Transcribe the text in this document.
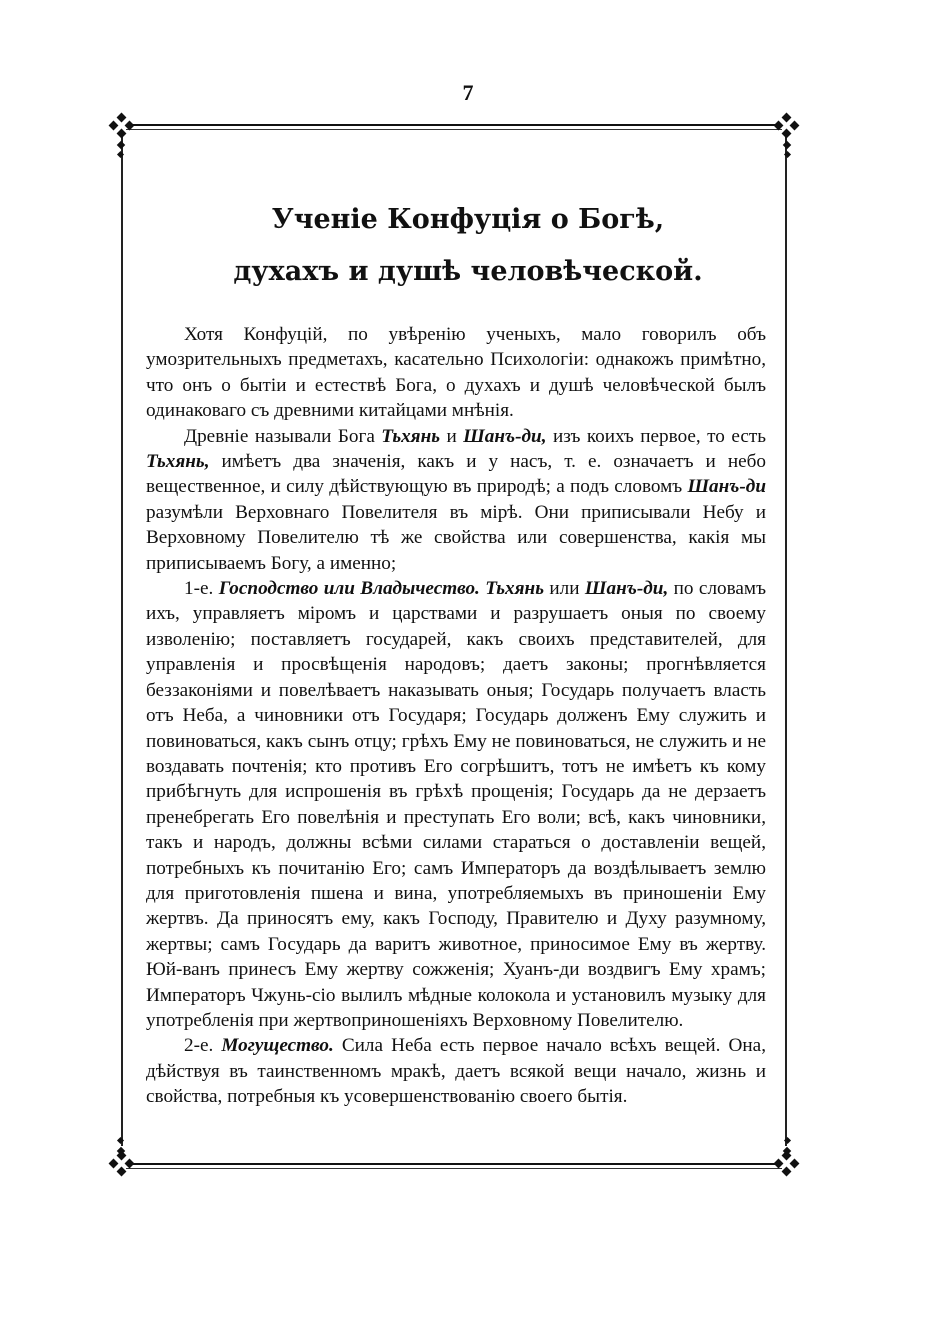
7
Ученіе Конфуція о Богѣ,
духахъ и душѣ человѣческой.

Хотя Конфуцій, по увѣренію ученыхъ, мало говорилъ объ умозрительныхъ предметахъ, касательно Психологіи: однакожъ примѣтно, что онъ о бытіи и естествѣ Бога, о духахъ и душѣ человѣческой былъ одинаковаго съ древними китайцами мнѣнія.

Древніе называли Бога Тьхянь и Шанъ-ди, изъ коихъ первое, то есть Тьхянь, имѣетъ два значенія, какъ и у насъ, т. е. означаетъ и небо вещественное, и силу дѣйствующую въ природѣ; а подъ словомъ Шанъ-ди разумѣли Верховнаго Повелителя въ мірѣ. Они приписывали Небу и Верховному Повелителю тѣ же свойства или совершенства, какія мы приписываемъ Богу, а именно;

1-е. Господство или Владычество. Тьхянь или Шанъ-ди, по словамъ ихъ, управляетъ міромъ и царствами и разрушаетъ оныя по своему изволенію; поставляетъ государей, какъ своихъ представителей, для управленія и просвѣщенія народовъ; даетъ законы; прогнѣвляется беззаконіями и повелѣваетъ наказывать оныя; Государь получаетъ власть отъ Неба, а чиновники отъ Государя; Государь долженъ Ему служить и повиноваться, какъ сынъ отцу; грѣхъ Ему не повиноваться, не служить и не воздавать почтенія; кто противъ Его согрѣшитъ, тотъ не имѣетъ къ кому прибѣгнуть для испрошенія въ грѣхѣ прощенія; Государь да не дерзаетъ пренебрегать Его повелѣнія и преступать Его воли; всѣ, какъ чиновники, такъ и народъ, должны всѣми силами стараться о доставленіи вещей, потребныхъ къ почитанію Его; самъ Императоръ да воздѣлываетъ землю для приготовленія пшена и вина, употребляемыхъ въ приношеніи Ему жертвъ. Да приносятъ ему, какъ Господу, Правителю и Духу разумному, жертвы; самъ Государь да варитъ животное, приносимое Ему въ жертву. Юй-ванъ принесъ Ему жертву сожженія; Хуанъ-ди воздвигъ Ему храмъ; Императоръ Чжунь-сіо вылилъ мѣдные колокола и установилъ музыку для употребленія при жертвоприношеніяхъ Верховному Повелителю.

2-е. Могущество. Сила Неба есть первое начало всѣхъ вещей. Она, дѣйствуя въ таинственномъ мракѣ, даетъ всякой вещи начало, жизнь и свойства, потребныя къ усовершенствованію своего бытія.
